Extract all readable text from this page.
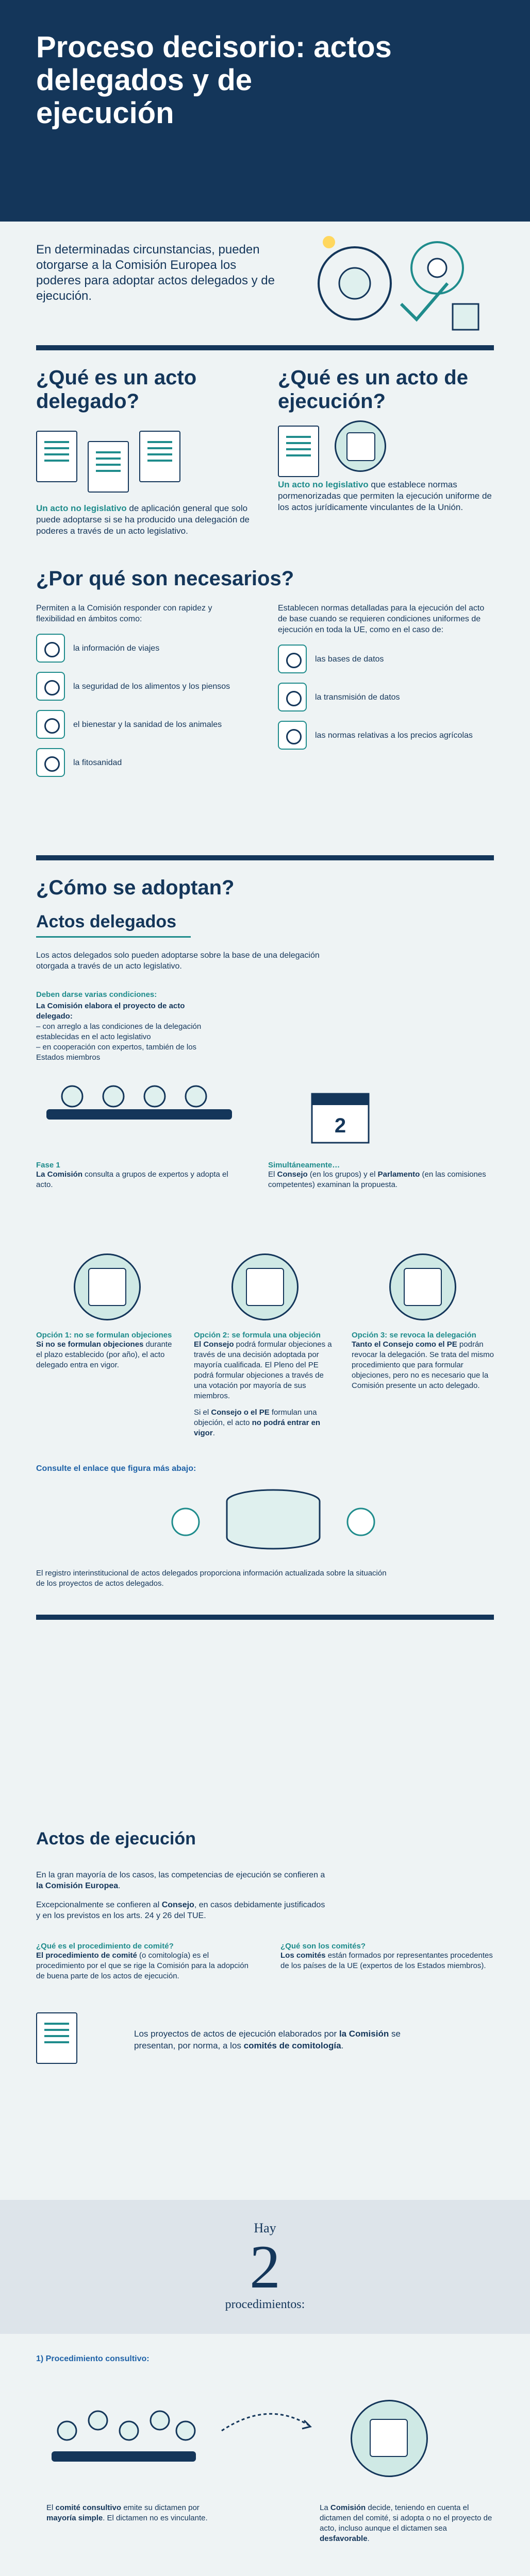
Proceso decisorio: actos delegados y de ejecución

En determinadas circunstancias, pueden otorgarse a la Comisión Europea los poderes para adoptar actos delegados y de ejecución.

¿Qué es un acto delegado?

Un acto no legislativo de aplicación general que solo puede adoptarse si se ha producido una delegación de poderes a través de un acto legislativo.

¿Qué es un acto de ejecución?

Un acto no legislativo que establece normas pormenorizadas que permiten la ejecución uniforme de los actos jurídicamente vinculantes de la Unión.

¿Por qué son necesarios?

Permiten a la Comisión responder con rapidez y flexibilidad en ámbitos como:

la información de viajes
la seguridad de los alimentos y los piensos
el bienestar y la sanidad de los animales
la fitosanidad

Establecen normas detalladas para la ejecución del acto de base cuando se requieren condiciones uniformes de ejecución en toda la UE, como en el caso de:

las bases de datos
la transmisión de datos
las normas relativas a los precios agrícolas
¿Cómo se adoptan?
Actos delegados

Los actos delegados solo pueden adoptarse sobre la base de una delegación otorgada a través de un acto legislativo.

Deben darse varias condiciones:

La Comisión elabora el proyecto de acto delegado:

– con arreglo a las condiciones de la delegación establecidas en el acto legislativo

– en cooperación con expertos, también de los Estados miembros

2

Fase 1

La Comisión consulta a grupos de expertos y adopta el acto.

Simultáneamente…

El Consejo (en los grupos) y el Parlamento (en las comisiones competentes) examinan la propuesta.

Opción 1: no se formulan objeciones

Si no se formulan objeciones durante el plazo establecido (por año), el acto delegado entra en vigor.

Opción 2: se formula una objeción

El Consejo podrá formular objeciones a través de una decisión adoptada por mayoría cualificada. El Pleno del PE podrá formular objeciones a través de una votación por mayoría de sus miembros.

Si el Consejo o el PE formulan una objeción, el acto no podrá entrar en vigor.

Opción 3: se revoca la delegación

Tanto el Consejo como el PE podrán revocar la delegación. Se trata del mismo procedimiento que para formular objeciones, pero no es necesario que la Comisión presente un acto delegado.

Consulte el enlace que figura más abajo:

El registro interinstitucional de actos delegados proporciona información actualizada sobre la situación de los proyectos de actos delegados.

Actos de ejecución

En la gran mayoría de los casos, las competencias de ejecución se confieren a la Comisión Europea.

Excepcionalmente se confieren al Consejo, en casos debidamente justificados y en los previstos en los arts. 24 y 26 del TUE.

¿Qué es el procedimiento de comité?

El procedimiento de comité (o comitología) es el procedimiento por el que se rige la Comisión para la adopción de buena parte de los actos de ejecución.

¿Qué son los comités?

Los comités están formados por representantes procedentes de los países de la UE (expertos de los Estados miembros).

Los proyectos de actos de ejecución elaborados por la Comisión se presentan, por norma, a los comités de comitología.

Hay

2

procedimientos:

1) Procedimiento consultivo:

El comité consultivo emite su dictamen por mayoría simple. El dictamen no es vinculante.

La Comisión decide, teniendo en cuenta el dictamen del comité, si adopta o no el proyecto de acto, incluso aunque el dictamen sea desfavorable.
